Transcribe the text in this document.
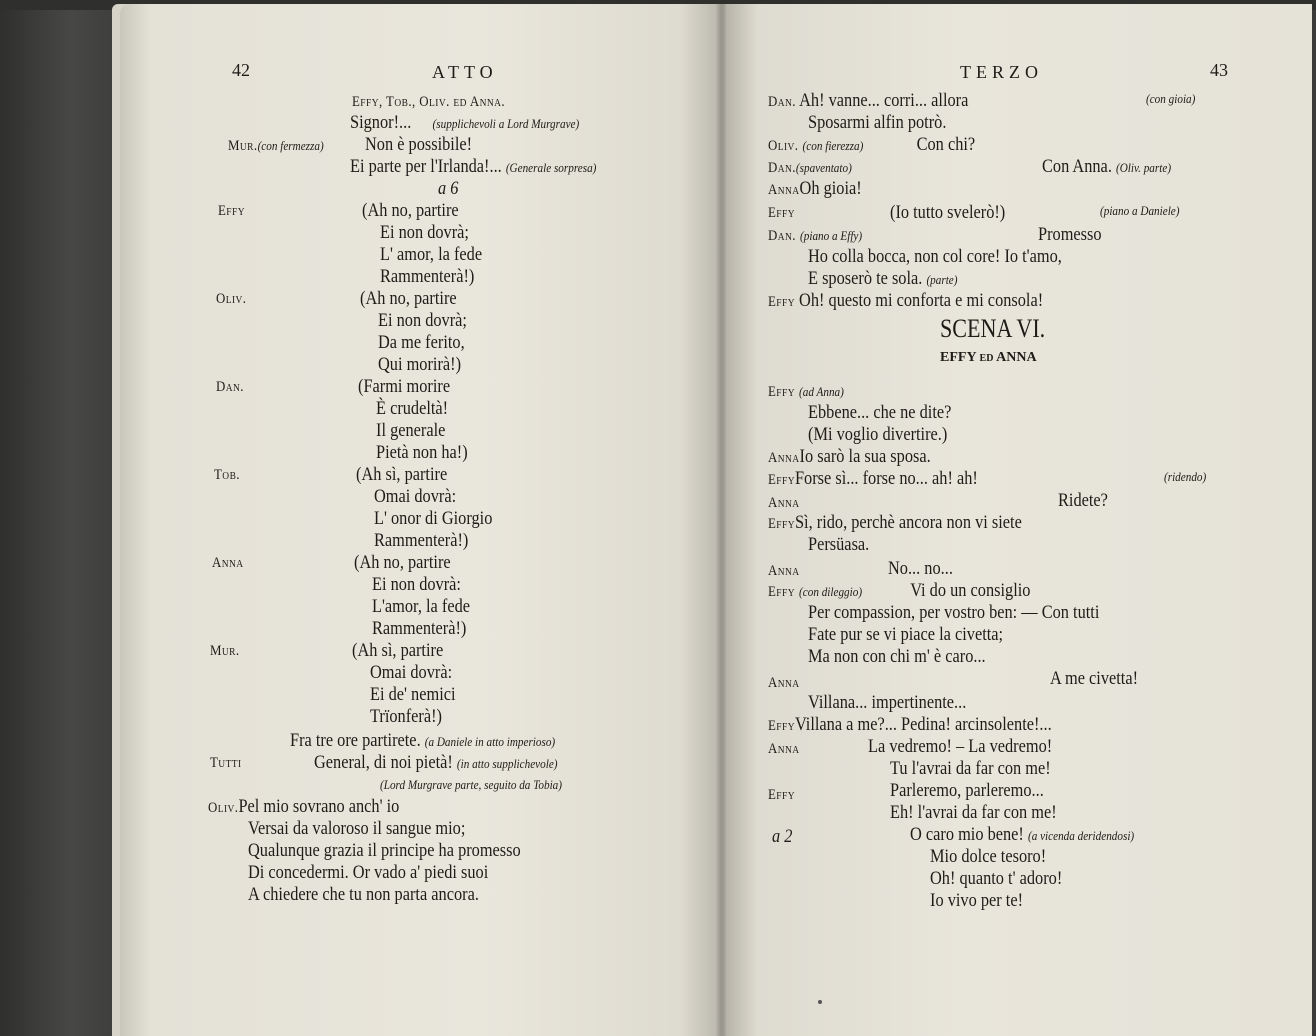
42	ATTO
Effy, Tob., Oliv. ed Anna.
Signor!... (supplichevoli a Lord Murgrave)
Mur.(con fermezza) Non è possibile!
Ei parte per l'Irlanda!... (Generale sorpresa)
a 6
Effy	(Ah no, partire
Ei non dovrà;
L' amor, la fede
Rammenterà!)
Oliv.	(Ah no, partire
Ei non dovrà;
Da me ferito,
Qui morirà!)
Dan.	(Farmi morire
È crudeltà!
Il generale
Pietà non ha!)
Tob.	(Ah sì, partire
Omai dovrà:
L' onor di Giorgio
Rammenterà!)
Anna	(Ah no, partire
Ei non dovrà:
L'amor, la fede
Rammenterà!)
Mur.	(Ah sì, partire
Omai dovrà:
Ei de' nemici
Trïonferà!)
Fra tre ore partirete. (a Daniele in atto imperioso)
Tutti	General, di noi pietà! (in atto supplichevole)
(Lord Murgrave parte, seguito da Tobia)
Oliv.Pel mio sovrano anch' io
Versai da valoroso il sangue mio;
Qualunque grazia il principe ha promesso
Di concedermi. Or vado a' piedi suoi
A chiedere che tu non parta ancora.
TERZO	43
Dan. Ah! vanne... corri... allora	(con gioia)
Sposarmi alfin potrò.
Oliv. (con fierezza)	Con chi?
Dan.(spaventato)	Con Anna. (Oliv. parte)
AnnaOh gioia!
Effy	(Io tutto svelerò!)	(piano a Daniele)
Dan. (piano a Effy)	Promesso
Ho colla bocca, non col core! Io t'amo,
E sposerò te sola. (parte)
Effy Oh! questo mi conforta e mi consola!
SCENA VI.
EFFY ed ANNA
Effy (ad Anna)
Ebbene... che ne dite?
(Mi voglio divertire.)
AnnaIo sarò la sua sposa.
EffyForse sì... forse no... ah! ah!	(ridendo)
Anna	Ridete?
EffySì, rido, perchè ancora non vi siete
Persüasa.
Anna	No... no...
Effy (con dileggio)	Vi do un consiglio
Per compassion, per vostro ben: — Con tutti
Fate pur se vi piace la civetta;
Ma non con chi m' è caro...
Anna	A me civetta!
Villana... impertinente...
EffyVillana a me?... Pedina! arcinsolente!...
Anna	La vedremo! – La vedremo!
Tu l'avrai da far con me!
Effy	Parleremo, parleremo...
Eh! l'avrai da far con me!
a 2	O caro mio bene! (a vicenda deridendosi)
Mio dolce tesoro!
Oh! quanto t' adoro!
Io vivo per te!
